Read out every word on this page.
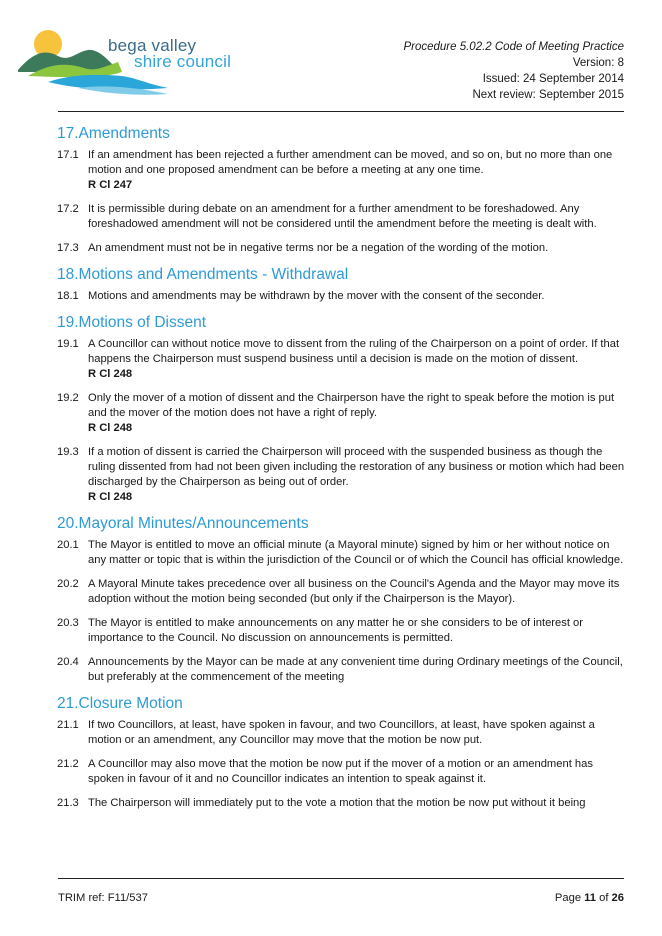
bega valley
shire council
Procedure 5.02.2 Code of Meeting Practice
Version: 8
Issued: 24 September 2014
Next review: September 2015
17.Amendments
17.1 If an amendment has been rejected a further amendment can be moved, and so on, but no more than one motion and one proposed amendment can be before a meeting at any one time.
R Cl 247
17.2 It is permissible during debate on an amendment for a further amendment to be foreshadowed. Any foreshadowed amendment will not be considered until the amendment before the meeting is dealt with.
17.3 An amendment must not be in negative terms nor be a negation of the wording of the motion.
18.Motions and Amendments - Withdrawal
18.1 Motions and amendments may be withdrawn by the mover with the consent of the seconder.
19.Motions of Dissent
19.1 A Councillor can without notice move to dissent from the ruling of the Chairperson on a point of order. If that happens the Chairperson must suspend business until a decision is made on the motion of dissent.
R Cl 248
19.2 Only the mover of a motion of dissent and the Chairperson have the right to speak before the motion is put and the mover of the motion does not have a right of reply.
R Cl 248
19.3 If a motion of dissent is carried the Chairperson will proceed with the suspended business as though the ruling dissented from had not been given including the restoration of any business or motion which had been discharged by the Chairperson as being out of order.
R Cl 248
20.Mayoral Minutes/Announcements
20.1 The Mayor is entitled to move an official minute (a Mayoral minute) signed by him or her without notice on any matter or topic that is within the jurisdiction of the Council or of which the Council has official knowledge.
20.2 A Mayoral Minute takes precedence over all business on the Council's Agenda and the Mayor may move its adoption without the motion being seconded (but only if the Chairperson is the Mayor).
20.3 The Mayor is entitled to make announcements on any matter he or she considers to be of interest or importance to the Council. No discussion on announcements is permitted.
20.4 Announcements by the Mayor can be made at any convenient time during Ordinary meetings of the Council, but preferably at the commencement of the meeting
21.Closure Motion
21.1 If two Councillors, at least, have spoken in favour, and two Councillors, at least, have spoken against a motion or an amendment, any Councillor may move that the motion be now put.
21.2 A Councillor may also move that the motion be now put if the mover of a motion or an amendment has spoken in favour of it and no Councillor indicates an intention to speak against it.
21.3 The Chairperson will immediately put to the vote a motion that the motion be now put without it being
TRIM ref: F11/537	Page 11 of 26
